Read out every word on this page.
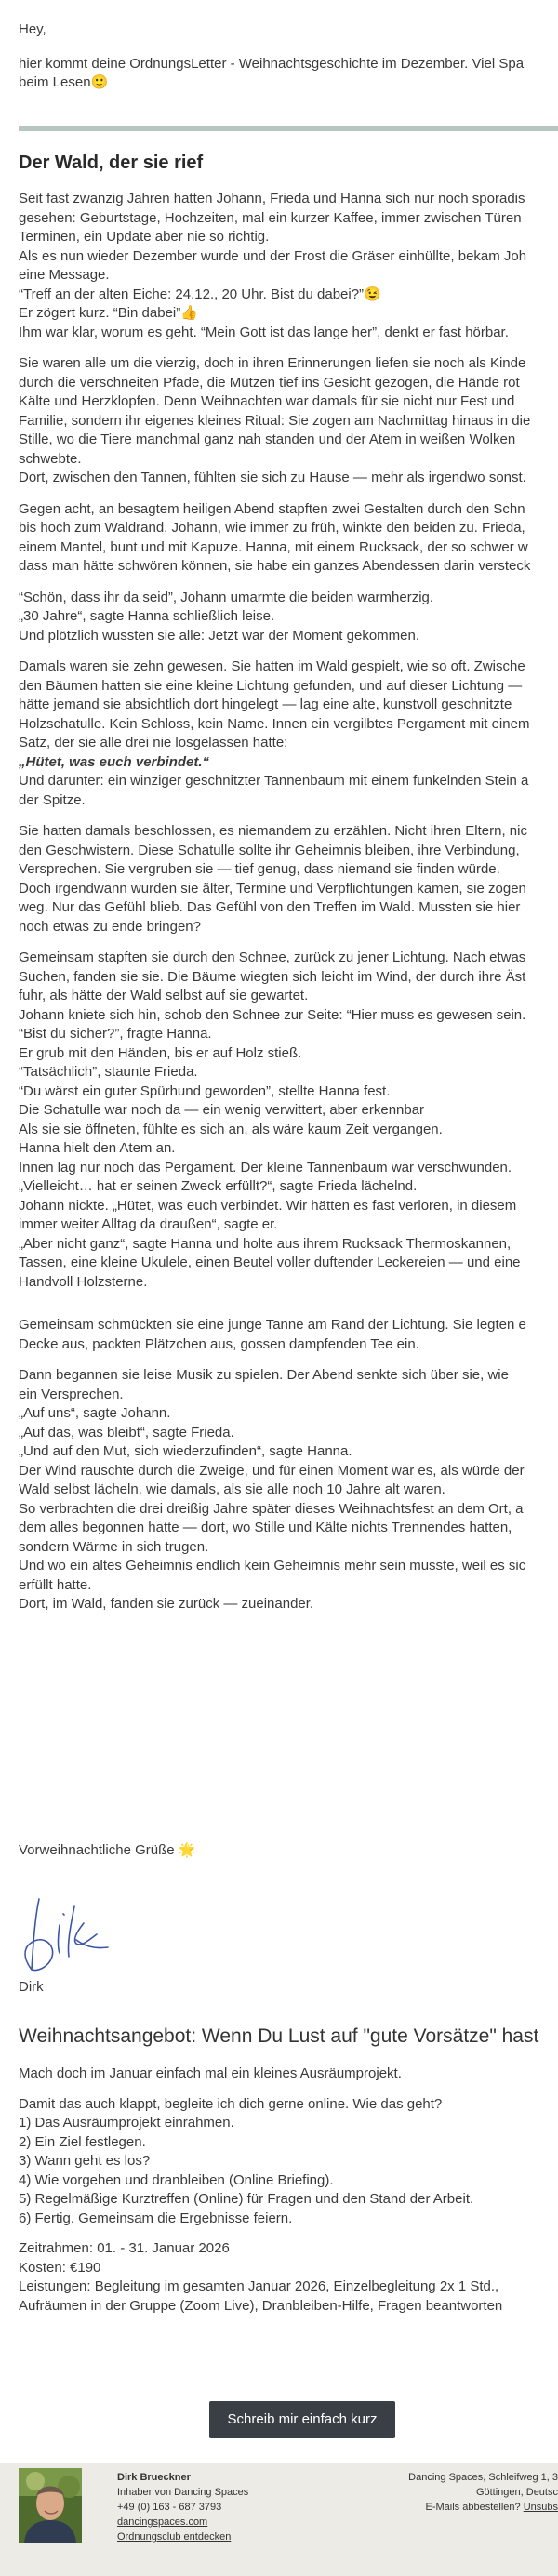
Hey,
hier kommt deine OrdnungsLetter - Weihnachtsgeschichte im Dezember. Viel Spa
beim Lesen🙂
Der Wald, der sie rief

Seit fast zwanzig Jahren hatten Johann, Frieda und Hanna sich nur noch sporadis
gesehen: Geburtstage, Hochzeiten, mal ein kurzer Kaffee, immer zwischen Türen
Terminen, ein Update aber nie so richtig.
Als es nun wieder Dezember wurde und der Frost die Gräser einhüllte, bekam Joh
eine Message.
“Treff an der alten Eiche: 24.12., 20 Uhr. Bist du dabei?”😉
Er zögert kurz. “Bin dabei”👍
Ihm war klar, worum es geht. “Mein Gott ist das lange her”, denkt er fast hörbar.

Sie waren alle um die vierzig, doch in ihren Erinnerungen liefen sie noch als Kinde
durch die verschneiten Pfade, die Mützen tief ins Gesicht gezogen, die Hände rot
Kälte und Herzklopfen. Denn Weihnachten war damals für sie nicht nur Fest und
Familie, sondern ihr eigenes kleines Ritual: Sie zogen am Nachmittag hinaus in die
Stille, wo die Tiere manchmal ganz nah standen und der Atem in weißen Wolken
schwebte.
Dort, zwischen den Tannen, fühlten sie sich zu Hause — mehr als irgendwo sonst.

Gegen acht, an besagtem heiligen Abend stapften zwei Gestalten durch den Schn
bis hoch zum Waldrand. Johann, wie immer zu früh, winkte den beiden zu. Frieda,
einem Mantel, bunt und mit Kapuze. Hanna, mit einem Rucksack, der so schwer w
dass man hätte schwören können, sie habe ein ganzes Abendessen darin versteck

“Schön, dass ihr da seid”, Johann umarmte die beiden warmherzig.
„30 Jahre“, sagte Hanna schließlich leise.
Und plötzlich wussten sie alle: Jetzt war der Moment gekommen.

Damals waren sie zehn gewesen. Sie hatten im Wald gespielt, wie so oft. Zwische
den Bäumen hatten sie eine kleine Lichtung gefunden, und auf dieser Lichtung —
hätte jemand sie absichtlich dort hingelegt — lag eine alte, kunstvoll geschnitzte
Holzschatulle. Kein Schloss, kein Name. Innen ein vergilbtes Pergament mit einem
Satz, der sie alle drei nie losgelassen hatte:
„Hütet, was euch verbindet.“
Und darunter: ein winziger geschnitzter Tannenbaum mit einem funkelnden Stein a
der Spitze.

Sie hatten damals beschlossen, es niemandem zu erzählen. Nicht ihren Eltern, nic
den Geschwistern. Diese Schatulle sollte ihr Geheimnis bleiben, ihre Verbindung,
Versprechen. Sie vergruben sie — tief genug, dass niemand sie finden würde.
Doch irgendwann wurden sie älter, Termine und Verpflichtungen kamen, sie zogen
weg. Nur das Gefühl blieb. Das Gefühl von den Treffen im Wald. Mussten sie hier
noch etwas zu ende bringen?

Gemeinsam stapften sie durch den Schnee, zurück zu jener Lichtung. Nach etwas
Suchen, fanden sie sie. Die Bäume wiegten sich leicht im Wind, der durch ihre Äst
fuhr, als hätte der Wald selbst auf sie gewartet.
Johann kniete sich hin, schob den Schnee zur Seite: “Hier muss es gewesen sein.
“Bist du sicher?”, fragte Hanna.
Er grub mit den Händen, bis er auf Holz stieß.
“Tatsächlich”, staunte Frieda.
“Du wärst ein guter Spürhund geworden”, stellte Hanna fest.
Die Schatulle war noch da — ein wenig verwittert, aber erkennbar
Als sie sie öffneten, fühlte es sich an, als wäre kaum Zeit vergangen.
Hanna hielt den Atem an.
Innen lag nur noch das Pergament. Der kleine Tannenbaum war verschwunden.
„Vielleicht… hat er seinen Zweck erfüllt?“, sagte Frieda lächelnd.
Johann nickte. „Hütet, was euch verbindet. Wir hätten es fast verloren, in diesem
immer weiter Alltag da draußen“, sagte er.
„Aber nicht ganz“, sagte Hanna und holte aus ihrem Rucksack Thermoskannen,
Tassen, eine kleine Ukulele, einen Beutel voller duftender Leckereien — und eine
Handvoll Holzsterne.

Gemeinsam schmückten sie eine junge Tanne am Rand der Lichtung. Sie legten e
Decke aus, packten Plätzchen aus, gossen dampfenden Tee ein.

Dann begannen sie leise Musik zu spielen. Der Abend senkte sich über sie, wie
ein Versprechen.
„Auf uns“, sagte Johann.
„Auf das, was bleibt“, sagte Frieda.
„Und auf den Mut, sich wiederzufinden“, sagte Hanna.
Der Wind rauschte durch die Zweige, und für einen Moment war es, als würde der
Wald selbst lächeln, wie damals, als sie alle noch 10 Jahre alt waren.
So verbrachten die drei dreißig Jahre später dieses Weihnachtsfest an dem Ort, a
dem alles begonnen hatte — dort, wo Stille und Kälte nichts Trennendes hatten,
sondern Wärme in sich trugen.
Und wo ein altes Geheimnis endlich kein Geheimnis mehr sein musste, weil es sic
erfüllt hatte.
Dort, im Wald, fanden sie zurück — zueinander.

Vorweihnachtliche Grüße 🌟
Dirk
Weihnachtsangebot: Wenn Du Lust auf "gute Vorsätze" hast

Mach doch im Januar einfach mal ein kleines Ausräumprojekt.

Damit das auch klappt, begleite ich dich gerne online. Wie das geht?
1) Das Ausräumprojekt einrahmen.
2) Ein Ziel festlegen.
3) Wann geht es los?
4) Wie vorgehen und dranbleiben (Online Briefing).
5) Regelmäßige Kurztreffen (Online) für Fragen und den Stand der Arbeit.
6) Fertig. Gemeinsam die Ergebnisse feiern.
Zeitrahmen: 01. - 31. Januar 2026
Kosten: €190
Leistungen: Begleitung im gesamten Januar 2026, Einzelbegleitung 2x 1 Std.,
Aufräumen in der Gruppe (Zoom Live), Dranbleiben-Hilfe, Fragen beantworten
Schreib mir einfach kurz
Dirk Brueckner
Inhaber von Dancing Spaces
+49 (0) 163 - 687 3793
dancingspaces.com
Ordnungsclub entdecken
Dancing Spaces, Schleifweg 1, 3
Göttingen, Deutsc
E-Mails abbestellen? Unsubs
